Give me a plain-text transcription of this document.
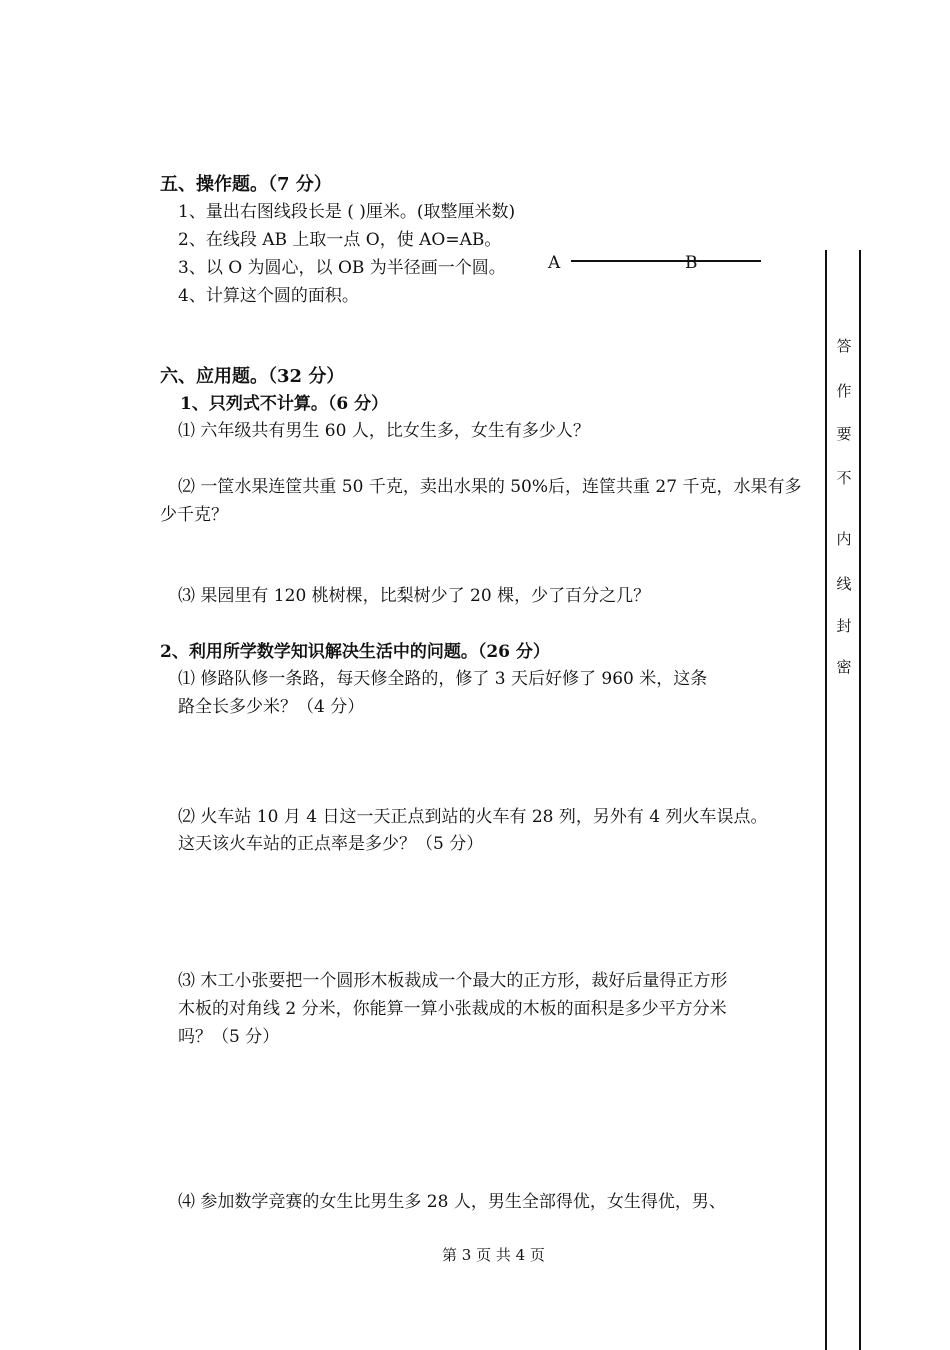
五、操作题。（7 分）
1、量出右图线段长是 ( )厘米。(取整厘米数)
2、在线段 AB 上取一点 O，使 AO=AB。
3、以 O 为圆心，以 OB 为半径画一个圆。 A	B
4、计算这个圆的面积。
六、应用题。（32 分）
1、只列式不计算。（6 分）
⑴ 六年级共有男生 60 人，比女生多，女生有多少人？
⑵ 一筐水果连筐共重 50 千克，卖出水果的 50%后，连筐共重 27 千克，水果有多
少千克？
⑶ 果园里有 120 桃树棵，比梨树少了 20 棵，少了百分之几？
2、利用所学数学知识解决生活中的问题。（26 分）
⑴ 修路队修一条路，每天修全路的，修了 3 天后好修了 960 米，这条
路全长多少米？（4 分）
⑵ 火车站 10 月 4 日这一天正点到站的火车有 28 列，另外有 4 列火车误点。
这天该火车站的正点率是多少？（5 分）
⑶ 木工小张要把一个圆形木板裁成一个最大的正方形，裁好后量得正方形
木板的对角线 2 分米，你能算一算小张裁成的木板的面积是多少平方分米
吗？（5 分）
⑷ 参加数学竞赛的女生比男生多 28 人，男生全部得优，女生得优，男、
第 3 页 共 4 页
答
作
要
不
内
线
封
密
